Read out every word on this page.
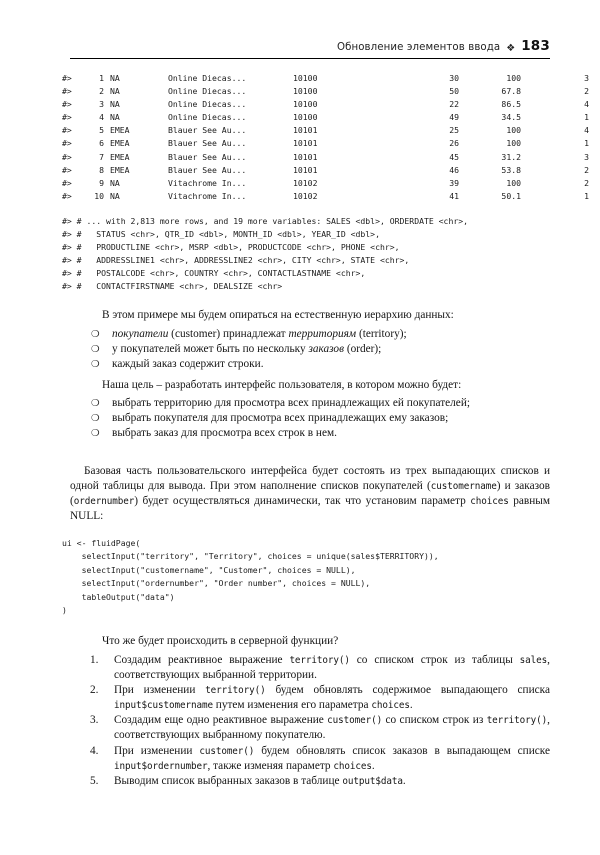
Обновление элементов ввода ❖ 183
#>	1 NA	Online Diecas...	10100	30	100	3
#>	2 NA	Online Diecas...	10100	50	67.8	2
#>	3 NA	Online Diecas...	10100	22	86.5	4
#>	4 NA	Online Diecas...	10100	49	34.5	1
#>	5 EMEA	Blauer See Au...	10101	25	100	4
#>	6 EMEA	Blauer See Au...	10101	26	100	1
#>	7 EMEA	Blauer See Au...	10101	45	31.2	3
#>	8 EMEA	Blauer See Au...	10101	46	53.8	2
#>	9 NA	Vitachrome In...	10102	39	100	2
#>	10 NA	Vitachrome In...	10102	41	50.1	1
#> # ... with 2,813 more rows, and 19 more variables: SALES <dbl>, ORDERDATE <chr>,
#> #   STATUS <chr>, QTR_ID <dbl>, MONTH_ID <dbl>, YEAR_ID <dbl>,
#> #   PRODUCTLINE <chr>, MSRP <dbl>, PRODUCTCODE <chr>, PHONE <chr>,
#> #   ADDRESSLINE1 <chr>, ADDRESSLINE2 <chr>, CITY <chr>, STATE <chr>,
#> #   POSTALCODE <chr>, COUNTRY <chr>, CONTACTLASTNAME <chr>,
#> #   CONTACTFIRSTNAME <chr>, DEALSIZE <chr>

В этом примере мы будем опираться на естественную иерархию данных:

❍ покупатели (customer) принадлежат территориям (territory);
❍ у покупателей может быть по нескольку заказов (order);
❍ каждый заказ содержит строки.

Наша цель – разработать интерфейс пользователя, в котором можно будет:

❍ выбрать территорию для просмотра всех принадлежащих ей покупателей;
❍ выбрать покупателя для просмотра всех принадлежащих ему заказов;
❍ выбрать заказ для просмотра всех строк в нем.

Базовая часть пользовательского интерфейса будет состоять из трех выпадающих списков и одной таблицы для вывода. При этом наполнение списков покупателей (customername) и заказов (ordernumber) будет осуществляться динамически, так что установим параметр choices равным NULL:

ui <- fluidPage(
selectInput("territory", "Territory", choices = unique(sales$TERRITORY)),
selectInput("customername", "Customer", choices = NULL),
selectInput("ordernumber", "Order number", choices = NULL),
tableOutput("data")
)

Что же будет происходить в серверной функции?

1.	Создадим реактивное выражение territory() со списком строк из таблицы sales, соответствующих выбранной территории.
2.	При изменении territory() будем обновлять содержимое выпадающего списка input$customername путем изменения его параметра choices.
3.	Создадим еще одно реактивное выражение customer() со списком строк из territory(), соответствующих выбранному покупателю.
4.	При изменении customer() будем обновлять список заказов в выпадающем списке input$ordernumber, также изменяя параметр choices.
5.	Выводим список выбранных заказов в таблице output$data.
